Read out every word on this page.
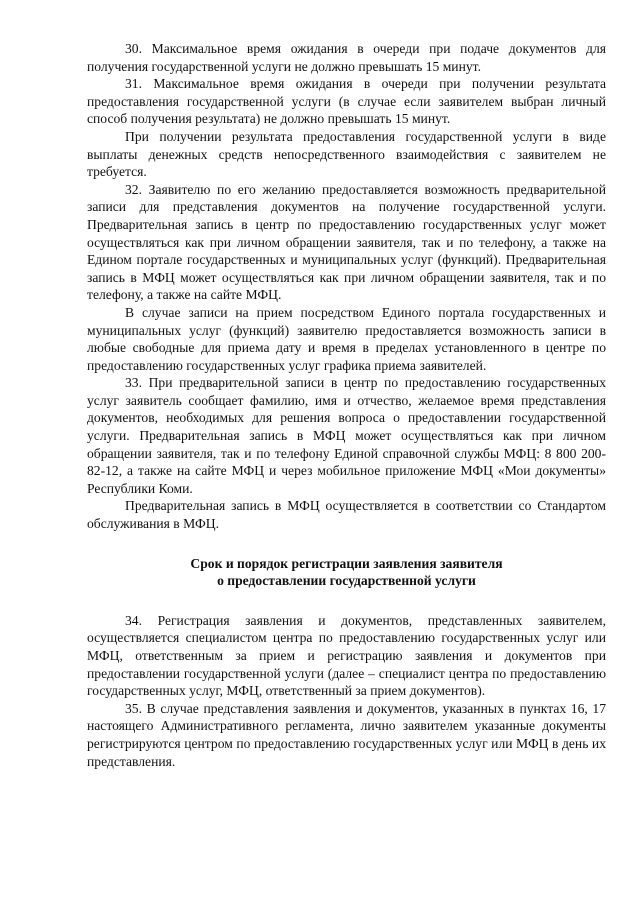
30. Максимальное время ожидания в очереди при подаче документов для получения государственной услуги не должно превышать 15 минут.

31. Максимальное время ожидания в очереди при получении результата предоставления государственной услуги (в случае если заявителем выбран личный способ получения результата) не должно превышать 15 минут.

При получении результата предоставления государственной услуги в виде выплаты денежных средств непосредственного взаимодействия с заявителем не требуется.

32. Заявителю по его желанию предоставляется возможность предварительной записи для представления документов на получение государственной услуги. Предварительная запись в центр по предоставлению государственных услуг может осуществляться как при личном обращении заявителя, так и по телефону, а также на Едином портале государственных и муниципальных услуг (функций). Предварительная запись в МФЦ может осуществляться как при личном обращении заявителя, так и по телефону, а также на сайте МФЦ.

В случае записи на прием посредством Единого портала государственных и муниципальных услуг (функций) заявителю предоставляется возможность записи в любые свободные для приема дату и время в пределах установленного в центре по предоставлению государственных услуг графика приема заявителей.

33. При предварительной записи в центр по предоставлению государственных услуг заявитель сообщает фамилию, имя и отчество, желаемое время представления документов, необходимых для решения вопроса о предоставлении государственной услуги. Предварительная запись в МФЦ может осуществляться как при личном обращении заявителя, так и по телефону Единой справочной службы МФЦ: 8 800 200-82-12, а также на сайте МФЦ и через мобильное приложение МФЦ «Мои документы» Республики Коми.

Предварительная запись в МФЦ осуществляется в соответствии со Стандартом обслуживания в МФЦ.

Срок и порядок регистрации заявления заявителя

о предоставлении государственной услуги

34. Регистрация заявления и документов, представленных заявителем, осуществляется специалистом центра по предоставлению государственных услуг или МФЦ, ответственным за прием и регистрацию заявления и документов при предоставлении государственной услуги (далее – специалист центра по предоставлению государственных услуг, МФЦ, ответственный за прием документов).

35. В случае представления заявления и документов, указанных в пунктах 16, 17 настоящего Административного регламента, лично заявителем указанные документы регистрируются центром по предоставлению государственных услуг или МФЦ в день их представления.
